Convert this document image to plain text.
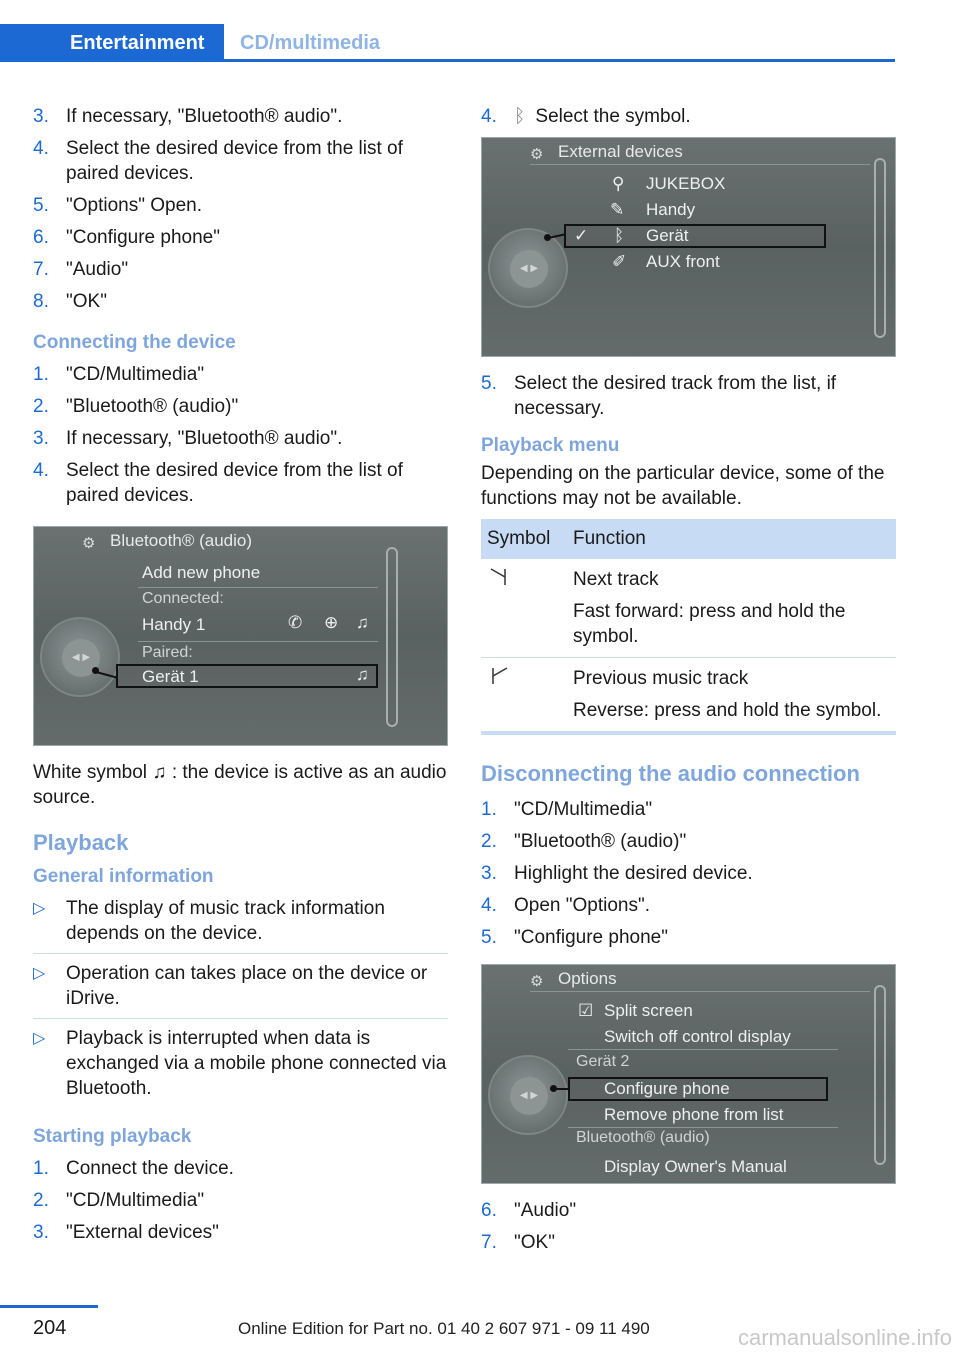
Entertainment	CD/multimedia
3. If necessary, "Bluetooth® audio".
4. Select the desired device from the list of paired devices.
5. "Options" Open.
6. "Configure phone"
7. "Audio"
8. "OK"
Connecting the device
1. "CD/Multimedia"
2. "Bluetooth® (audio)"
3. If necessary, "Bluetooth® audio".
4. Select the desired device from the list of paired devices.
⚙ Bluetooth® (audio)
◀ ▶
Add new phone
Connected:
Handy 1	✆ ⊕ ♫
Paired:
Gerät 1	♫

White symbol ♫ : the device is active as an audio source.

Playback
General information
▷	The display of music track information depends on the device.
▷	Operation can takes place on the device or iDrive.
▷	Playback is interrupted when data is exchanged via a mobile phone connected via Bluetooth.
Starting playback
1. Connect the device.
2. "CD/Multimedia"
3. "External devices"
4. ᛒ Select the symbol.
⚙ External devices
◀ ▶
⚲ JUKEBOX
✎ Handy
✓ ᛒ Gerät
✐ AUX front
5. Select the desired track from the list, if necessary.
Playback menu

Depending on the particular device, some of the functions may not be available.

Symbol	Function

Next track
Fast forward: press and hold the symbol.

Previous music track
Reverse: press and hold the symbol.
Disconnecting the audio connection
1. "CD/Multimedia"
2. "Bluetooth® (audio)"
3. Highlight the desired device.
4. Open "Options".
5. "Configure phone"
⚙ Options
◀ ▶
☑ Split screen
Switch off control display
Gerät 2
Configure phone
Remove phone from list
Bluetooth® (audio)
Display Owner's Manual
6. "Audio"
7. "OK"
204	Online Edition for Part no. 01 40 2 607 971 - 09 11 490	carmanualsonline.info
